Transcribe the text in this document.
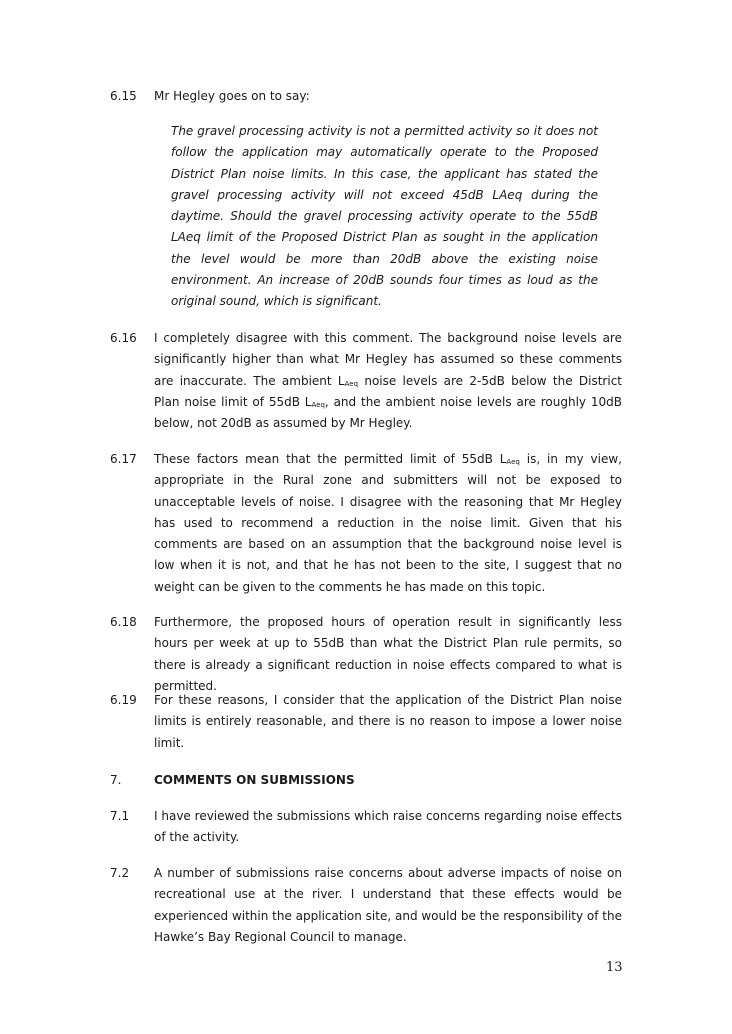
6.15	Mr Hegley goes on to say:
The gravel processing activity is not a permitted activity so it does not follow the application may automatically operate to the Proposed District Plan noise limits. In this case, the applicant has stated the gravel processing activity will not exceed 45dB LAeq during the daytime. Should the gravel processing activity operate to the 55dB LAeq limit of the Proposed District Plan as sought in the application the level would be more than 20dB above the existing noise environment. An increase of 20dB sounds four times as loud as the original sound, which is significant.
6.16	I completely disagree with this comment. The background noise levels are significantly higher than what Mr Hegley has assumed so these comments are inaccurate. The ambient $L_{Aeq}$ noise levels are 2-5dB below the District Plan noise limit of 55dB $L_{Aeq}$, and the ambient noise levels are roughly 10dB below, not 20dB as assumed by Mr Hegley.
6.17	These factors mean that the permitted limit of 55dB $L_{Aeq}$ is, in my view, appropriate in the Rural zone and submitters will not be exposed to unacceptable levels of noise. I disagree with the reasoning that Mr Hegley has used to recommend a reduction in the noise limit. Given that his comments are based on an assumption that the background noise level is low when it is not, and that he has not been to the site, I suggest that no weight can be given to the comments he has made on this topic.
6.18	Furthermore, the proposed hours of operation result in significantly less hours per week at up to 55dB than what the District Plan rule permits, so there is already a significant reduction in noise effects compared to what is permitted.
6.19	For these reasons, I consider that the application of the District Plan noise limits is entirely reasonable, and there is no reason to impose a lower noise limit.
7.	COMMENTS ON SUBMISSIONS
7.1	I have reviewed the submissions which raise concerns regarding noise effects of the activity.
7.2	A number of submissions raise concerns about adverse impacts of noise on recreational use at the river. I understand that these effects would be experienced within the application site, and would be the responsibility of the Hawke’s Bay Regional Council to manage.
13
